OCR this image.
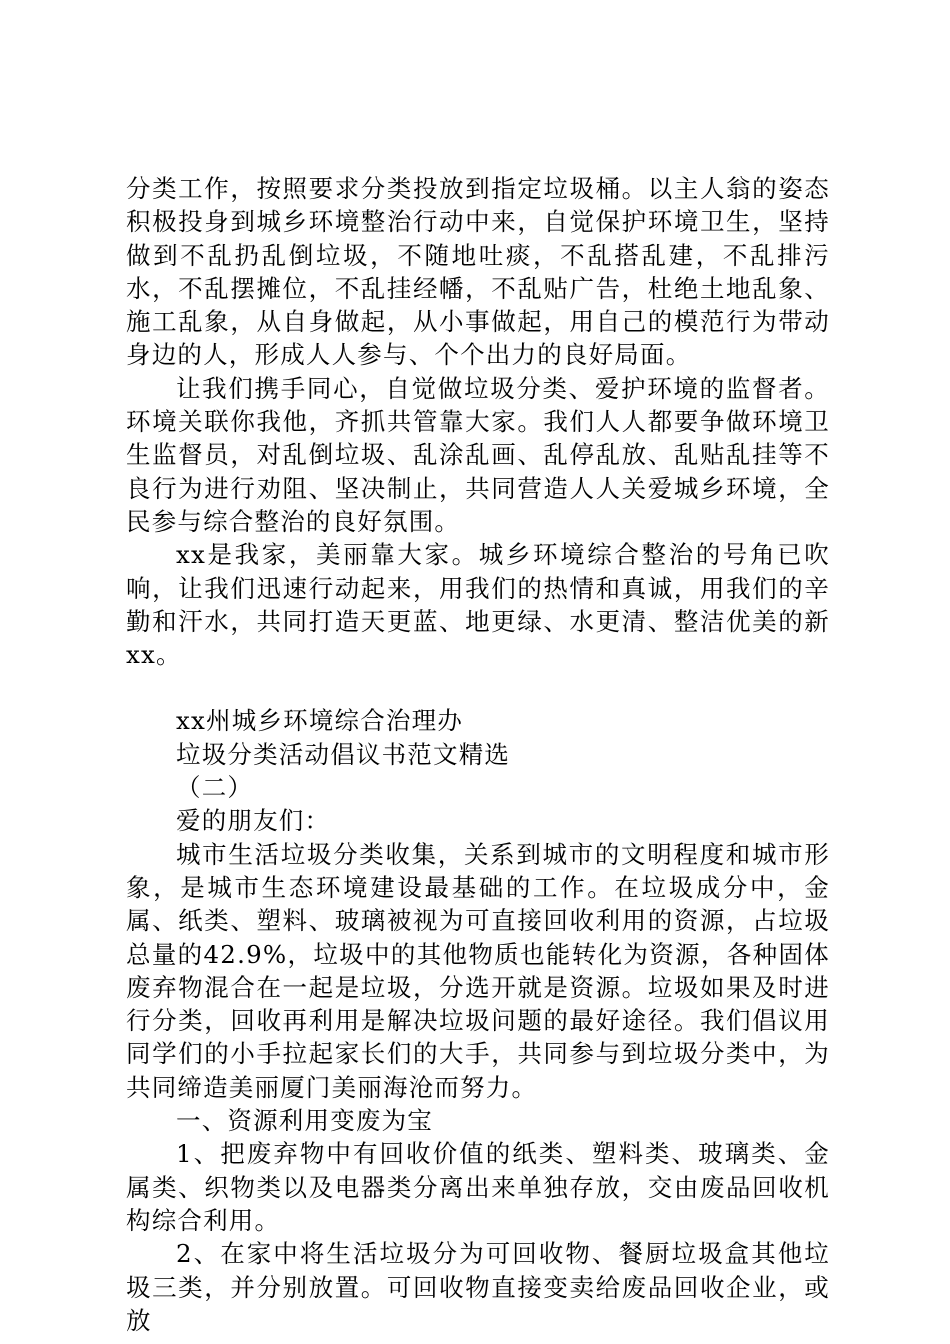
分类工作，按照要求分类投放到指定垃圾桶。以主人翁的姿态积极投身到城乡环境整治行动中来，自觉保护环境卫生，坚持做到不乱扔乱倒垃圾，不随地吐痰，不乱搭乱建，不乱排污水，不乱摆摊位，不乱挂经幡，不乱贴广告，杜绝土地乱象、施工乱象，从自身做起，从小事做起，用自己的模范行为带动身边的人，形成人人参与、个个出力的良好局面。

让我们携手同心，自觉做垃圾分类、爱护环境的监督者。环境关联你我他，齐抓共管靠大家。我们人人都要争做环境卫生监督员，对乱倒垃圾、乱涂乱画、乱停乱放、乱贴乱挂等不良行为进行劝阻、坚决制止，共同营造人人关爱城乡环境，全民参与综合整治的良好氛围。

xx是我家，美丽靠大家。城乡环境综合整治的号角已吹响，让我们迅速行动起来，用我们的热情和真诚，用我们的辛勤和汗水，共同打造天更蓝、地更绿、水更清、整洁优美的新xx。

xx州城乡环境综合治理办

垃圾分类活动倡议书范文精选

（二）

爱的朋友们：

城市生活垃圾分类收集，关系到城市的文明程度和城市形象，是城市生态环境建设最基础的工作。在垃圾成分中，金属、纸类、塑料、玻璃被视为可直接回收利用的资源，占垃圾总量的42.9%，垃圾中的其他物质也能转化为资源，各种固体废弃物混合在一起是垃圾，分选开就是资源。垃圾如果及时进行分类，回收再利用是解决垃圾问题的最好途径。我们倡议用同学们的小手拉起家长们的大手，共同参与到垃圾分类中，为共同缔造美丽厦门美丽海沧而努力。

一、资源利用变废为宝

1、把废弃物中有回收价值的纸类、塑料类、玻璃类、金属类、织物类以及电器类分离出来单独存放，交由废品回收机构综合利用。

2、在家中将生活垃圾分为可回收物、餐厨垃圾盒其他垃圾三类，并分别放置。可回收物直接变卖给废品回收企业，或放
